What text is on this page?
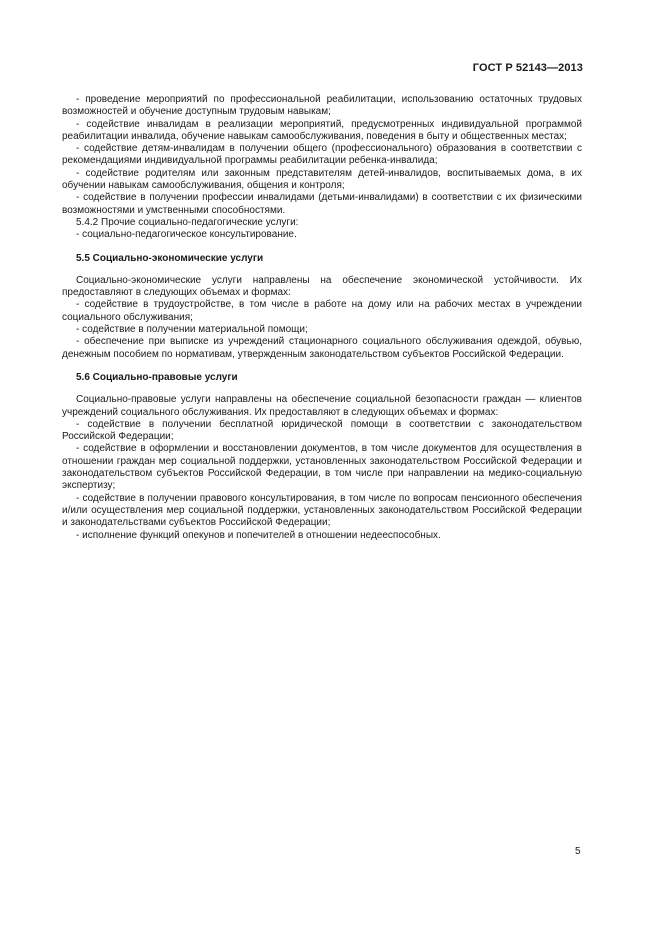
ГОСТ Р 52143—2013

- проведение мероприятий по профессиональной реабилитации, использованию остаточных трудовых возможностей и обучение доступным трудовым навыкам;

- содействие инвалидам в реализации мероприятий, предусмотренных индивидуальной программой реабилитации инвалида, обучение навыкам самообслуживания, поведения в быту и общественных местах;

- содействие детям-инвалидам в получении общего (профессионального) образования в соответствии с рекомендациями индивидуальной программы реабилитации ребенка-инвалида;

- содействие родителям или законным представителям детей-инвалидов, воспитываемых дома, в их обучении навыкам самообслуживания, общения и контроля;

- содействие в получении профессии инвалидами (детьми-инвалидами) в соответствии с их физическими возможностями и умственными способностями.

5.4.2 Прочие социально-педагогические услуги:

- социально-педагогическое консультирование.

5.5 Социально-экономические услуги

Социально-экономические услуги направлены на обеспечение экономической устойчивости. Их предоставляют в следующих объемах и формах:

- содействие в трудоустройстве, в том числе в работе на дому или на рабочих местах в учреждении социального обслуживания;

- содействие в получении материальной помощи;

- обеспечение при выписке из учреждений стационарного социального обслуживания одеждой, обувью, денежным пособием по нормативам, утвержденным законодательством субъектов Российской Федерации.

5.6 Социально-правовые услуги

Социально-правовые услуги направлены на обеспечение социальной безопасности граждан — клиентов учреждений социального обслуживания. Их предоставляют в следующих объемах и формах:

- содействие в получении бесплатной юридической помощи в соответствии с законодательством Российской Федерации;

- содействие в оформлении и восстановлении документов, в том числе документов для осуществления в отношении граждан мер социальной поддержки, установленных законодательством Российской Федерации и законодательством субъектов Российской Федерации, в том числе при направлении на медико-социальную экспертизу;

- содействие в получении правового консультирования, в том числе по вопросам пенсионного обеспечения и/или осуществления мер социальной поддержки, установленных законодательством Российской Федерации и законодательствами субъектов Российской Федерации;

- исполнение функций опекунов и попечителей в отношении недееспособных.

5
